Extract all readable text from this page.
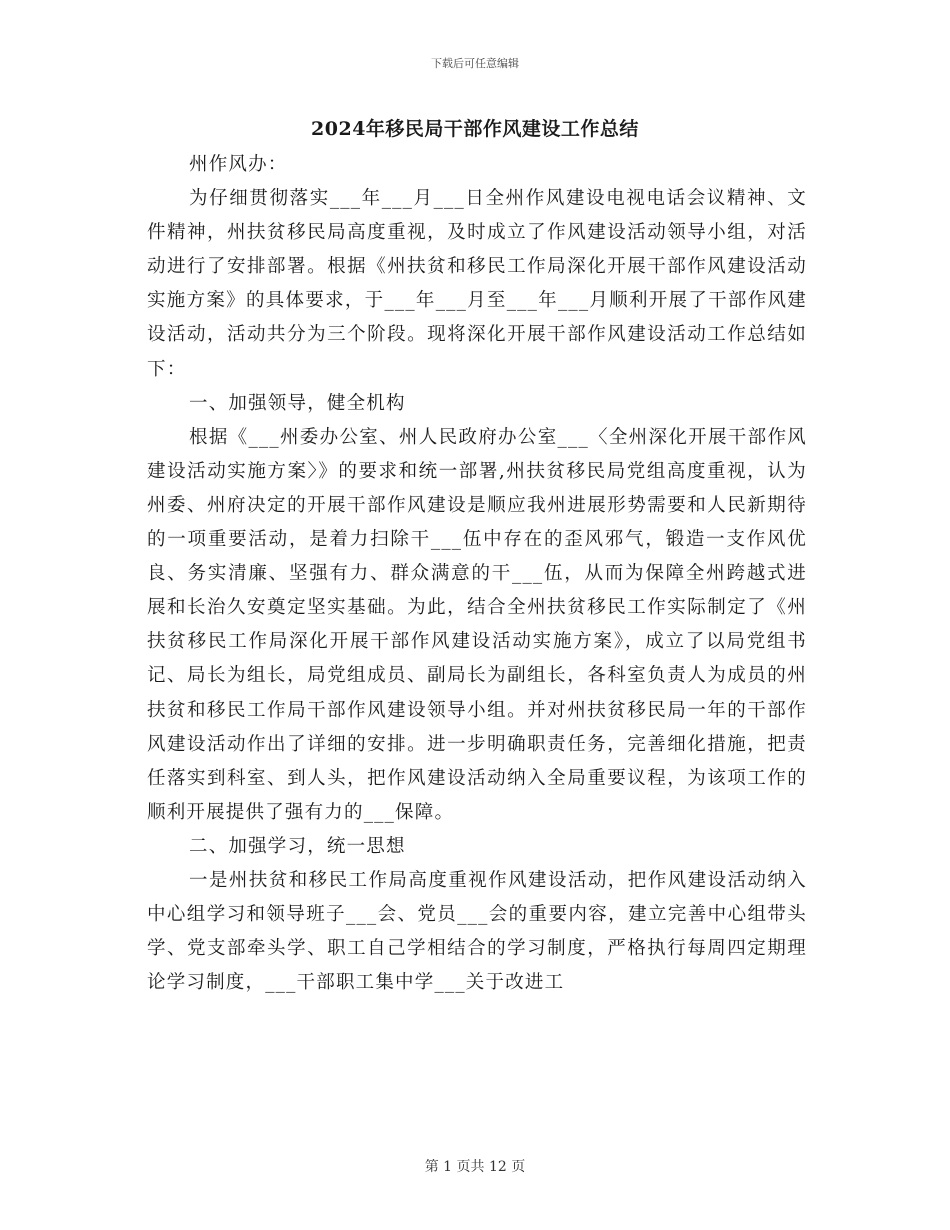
下载后可任意编辑
2024年移民局干部作风建设工作总结

州作风办：

为仔细贯彻落实___年___月___日全州作风建设电视电话会议精神、文件精神，州扶贫移民局高度重视，及时成立了作风建设活动领导小组，对活动进行了安排部署。根据《州扶贫和移民工作局深化开展干部作风建设活动实施方案》的具体要求，于___年___月至___年___月顺利开展了干部作风建设活动，活动共分为三个阶段。现将深化开展干部作风建设活动工作总结如下：

一、加强领导，健全机构

根据《___州委办公室、州人民政府办公室___〈全州深化开展干部作风建设活动实施方案〉》的要求和统一部署,州扶贫移民局党组高度重视，认为州委、州府决定的开展干部作风建设是顺应我州进展形势需要和人民新期待的一项重要活动，是着力扫除干___伍中存在的歪风邪气，锻造一支作风优良、务实清廉、坚强有力、群众满意的干___伍，从而为保障全州跨越式进展和长治久安奠定坚实基础。为此，结合全州扶贫移民工作实际制定了《州扶贫移民工作局深化开展干部作风建设活动实施方案》，成立了以局党组书记、局长为组长，局党组成员、副局长为副组长，各科室负责人为成员的州扶贫和移民工作局干部作风建设领导小组。并对州扶贫移民局一年的干部作风建设活动作出了详细的安排。进一步明确职责任务，完善细化措施，把责任落实到科室、到人头，把作风建设活动纳入全局重要议程，为该项工作的顺利开展提供了强有力的___保障。

二、加强学习，统一思想

一是州扶贫和移民工作局高度重视作风建设活动，把作风建设活动纳入中心组学习和领导班子___会、党员___会的重要内容，建立完善中心组带头学、党支部牵头学、职工自己学相结合的学习制度，严格执行每周四定期理论学习制度，___干部职工集中学___关于改进工

第 1 页共 12 页
